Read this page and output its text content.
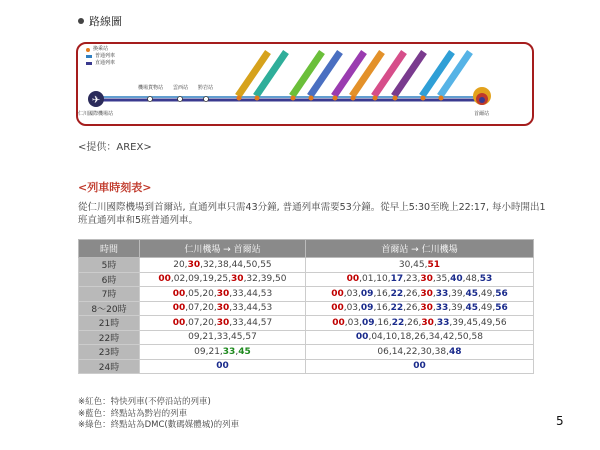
路線圖
✈
換乘站
普通列車
直通列車
機場貨物站 雲西站 黔岩站
仁川國際機場站	首爾站
<提供：AREX>
<列車時刻表>
從仁川國際機場到首爾站, 直通列車只需43分鐘, 普通列車需要53分鐘。從早上5:30至晚上22:17, 每小時開出1班直通列車和5班普通列車。
時間	仁川機場 → 首爾站	首爾站 → 仁川機場
5時	20,30,32,38,44,50,55	30,45,51
6時	00,02,09,19,25,30,32,39,50	00,01,10,17,23,30,35,40,48,53
7時	00,05,20,30,33,44,53	00,03,09,16,22,26,30,33,39,45,49,56
8～20時	00,07,20,30,33,44,53	00,03,09,16,22,26,30,33,39,45,49,56
21時	00,07,20,30,33,44,57	00,03,09,16,22,26,30,33,39,45,49,56
22時	09,21,33,45,57	00,04,10,18,26,34,42,50,58
23時	09,21,33,45	06,14,22,30,38,48
24時	00	00
※紅色：特快列車(不停沿站的列車)
※藍色：終點站為黔岩的列車
※綠色：終點站為DMC(數碼媒體城)的列車	5
